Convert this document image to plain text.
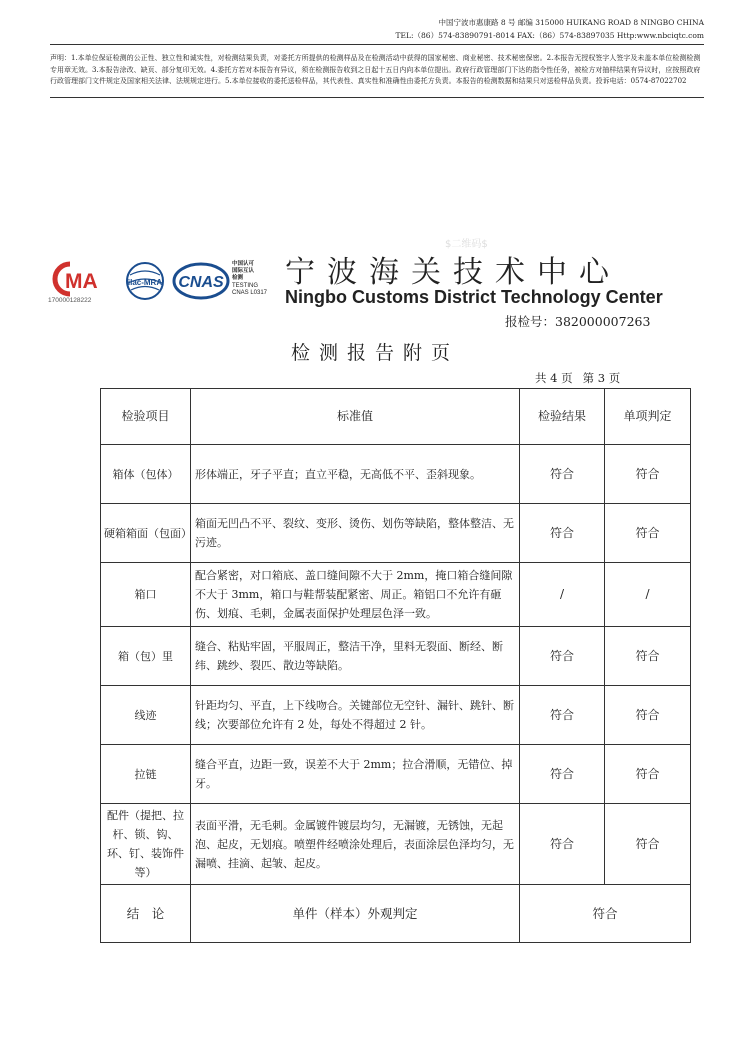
中国宁波市惠康路 8 号 邮编 315000 HUIKANG ROAD 8 NINGBO CHINA
TEL:（86）574-83890791-8014 FAX:（86）574-83897035 Http:www.nbciqtc.com
声明：1.本单位保证检测的公正性、独立性和诚实性，对检测结果负责，对委托方所提供的检测样品及在检测活动中获得的国家秘密、商业秘密、技术秘密保密。2.本报告无授权签字人签字及未盖本单位检测检测专用章无效。3.本报告涂改、缺页、部分复印无效。4.委托方若对本报告有异议，须在检测报告收到之日起十五日内向本单位提出。政府行政管理部门下达的指令性任务，被检方对抽样结果有异议时，应按照政府行政管理部门文件规定及国家相关法律、法规规定进行。5.本单位接收的委托送检样品，其代表性、真实性和准确性由委托方负责。本报告的检测数据和结果只对送检样品负责。投诉电话：0574-87022702
$二维码$
MA
170000128222
ilac-MRA CNAS
中国认可
国际互认
检测
TESTING
CNAS L0317
宁波海关技术中心
Ningbo Customs District Technology Center
报检号：382000007263
检测报告附页
共 4 页 第 3 页
检验项目	标准值	检验结果	单项判定
箱体（包体）	形体端正，牙子平直；直立平稳，无高低不平、歪斜现象。	符合	符合
硬箱箱面（包面）	箱面无凹凸不平、裂纹、变形、烫伤、划伤等缺陷，整体整洁、无污迹。	符合	符合
箱口	配合紧密，对口箱底、盖口缝间隙不大于 2mm，掩口箱合缝间隙不大于 3mm，箱口与鞋帮装配紧密、周正。箱铝口不允许有砸伤、划痕、毛刺，金属表面保护处理层色泽一致。	/	/
箱（包）里	缝合、粘贴牢固，平服周正，整洁干净，里料无裂面、断经、断纬、跳纱、裂匹、散边等缺陷。	符合	符合
线迹	针距均匀、平直，上下线吻合。关键部位无空针、漏针、跳针、断线；次要部位允许有 2 处，每处不得超过 2 针。	符合	符合
拉链	缝合平直，边距一致，误差不大于 2mm；拉合滑顺，无错位、掉牙。	符合	符合
配件（提把、拉杆、锁、钩、环、钉、装饰件等）	表面平滑，无毛刺。金属镀件镀层均匀，无漏镀，无锈蚀，无起泡、起皮，无划痕。喷塑件经喷涂处理后，表面涂层色泽均匀，无漏喷、挂滴、起皱、起皮。	符合	符合
结　论	单件（样本）外观判定	符合	
